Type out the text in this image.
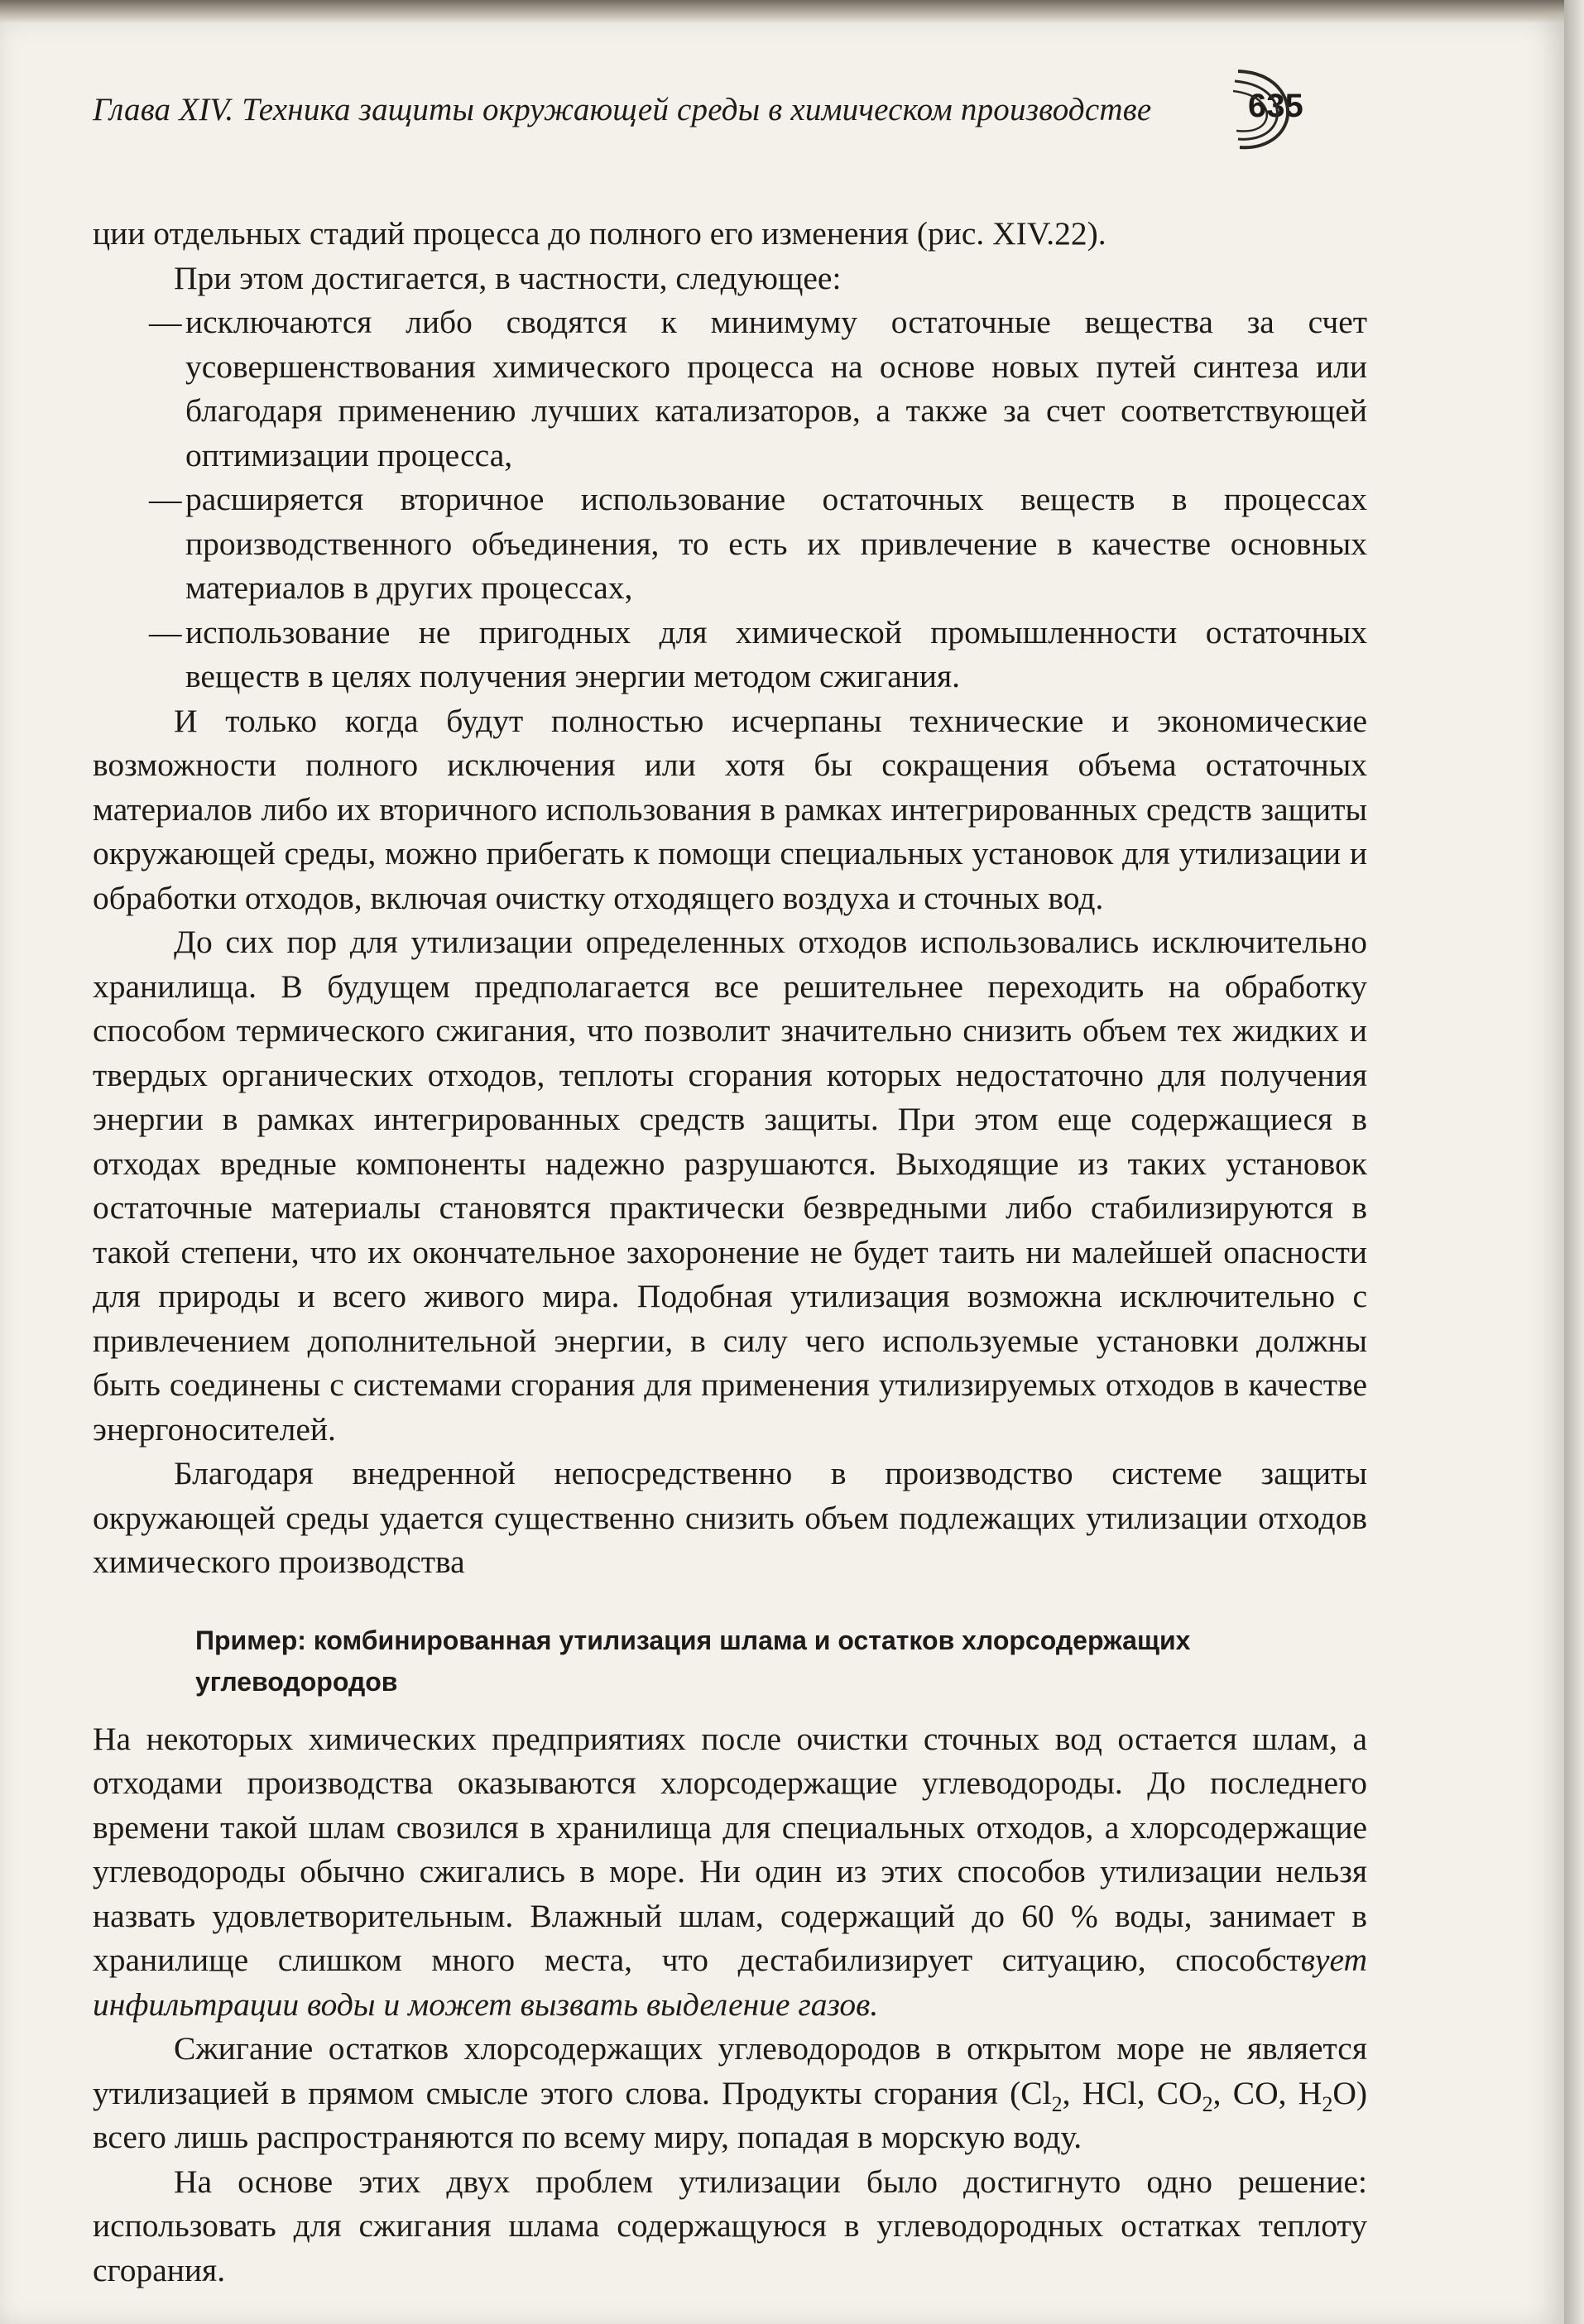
Глава XIV. Техника защиты окружающей среды в химическом производстве	635

ции отдельных стадий процесса до полного его изменения (рис. XIV.22).

При этом достигается, в частности, следующее:

— исключаются либо сводятся к минимуму остаточные вещества за счет усовершенствования химического процесса на основе новых путей синтеза или благодаря применению лучших катализаторов, а также за счет соответствующей оптимизации процесса,
— расширяется вторичное использование остаточных веществ в процессах производственного объединения, то есть их привлечение в качестве основных материалов в других процессах,
— использование не пригодных для химической промышленности остаточных веществ в целях получения энергии методом сжигания.

И только когда будут полностью исчерпаны технические и экономические возможности полного исключения или хотя бы сокращения объема остаточных материалов либо их вторичного использования в рамках интегрированных средств защиты окружающей среды, можно прибегать к помощи специальных установок для утилизации и обработки отходов, включая очистку отходящего воздуха и сточных вод.

До сих пор для утилизации определенных отходов использовались исключительно хранилища. В будущем предполагается все решительнее переходить на обработку способом термического сжигания, что позволит значительно снизить объем тех жидких и твердых органических отходов, теплоты сгорания которых недостаточно для получения энергии в рамках интегрированных средств защиты. При этом еще содержащиеся в отходах вредные компоненты надежно разрушаются. Выходящие из таких установок остаточные материалы становятся практически безвредными либо стабилизируются в такой степени, что их окончательное захоронение не будет таить ни малейшей опасности для природы и всего живого мира. Подобная утилизация возможна исключительно с привлечением дополнительной энергии, в силу чего используемые установки должны быть соединены с системами сгорания для применения утилизируемых отходов в качестве энергоносителей.

Благодаря внедренной непосредственно в производство системе защиты окружающей среды удается существенно снизить объем подлежащих утилизации отходов химического производства

Пример: комбинированная утилизация шлама и остатков хлорсодержащих углеводородов

На некоторых химических предприятиях после очистки сточных вод остается шлам, а отходами производства оказываются хлорсодержащие углеводороды. До последнего времени такой шлам свозился в хранилища для специальных отходов, а хлорсодержащие углеводороды обычно сжигались в море. Ни один из этих способов утилизации нельзя назвать удовлетворительным. Влажный шлам, содержащий до 60 % воды, занимает в хранилище слишком много места, что дестабилизирует ситуацию, способствует инфильтрации воды и может вызвать выделение газов.

Сжигание остатков хлорсодержащих углеводородов в открытом море не является утилизацией в прямом смысле этого слова. Продукты сгорания ($Cl_2$, HCl, $CO_2$, CO, $H_2O$) всего лишь распространяются по всему миру, попадая в морскую воду.

На основе этих двух проблем утилизации было достигнуто одно решение: использовать для сжигания шлама содержащуюся в углеводородных остатках теплоту сгорания.
